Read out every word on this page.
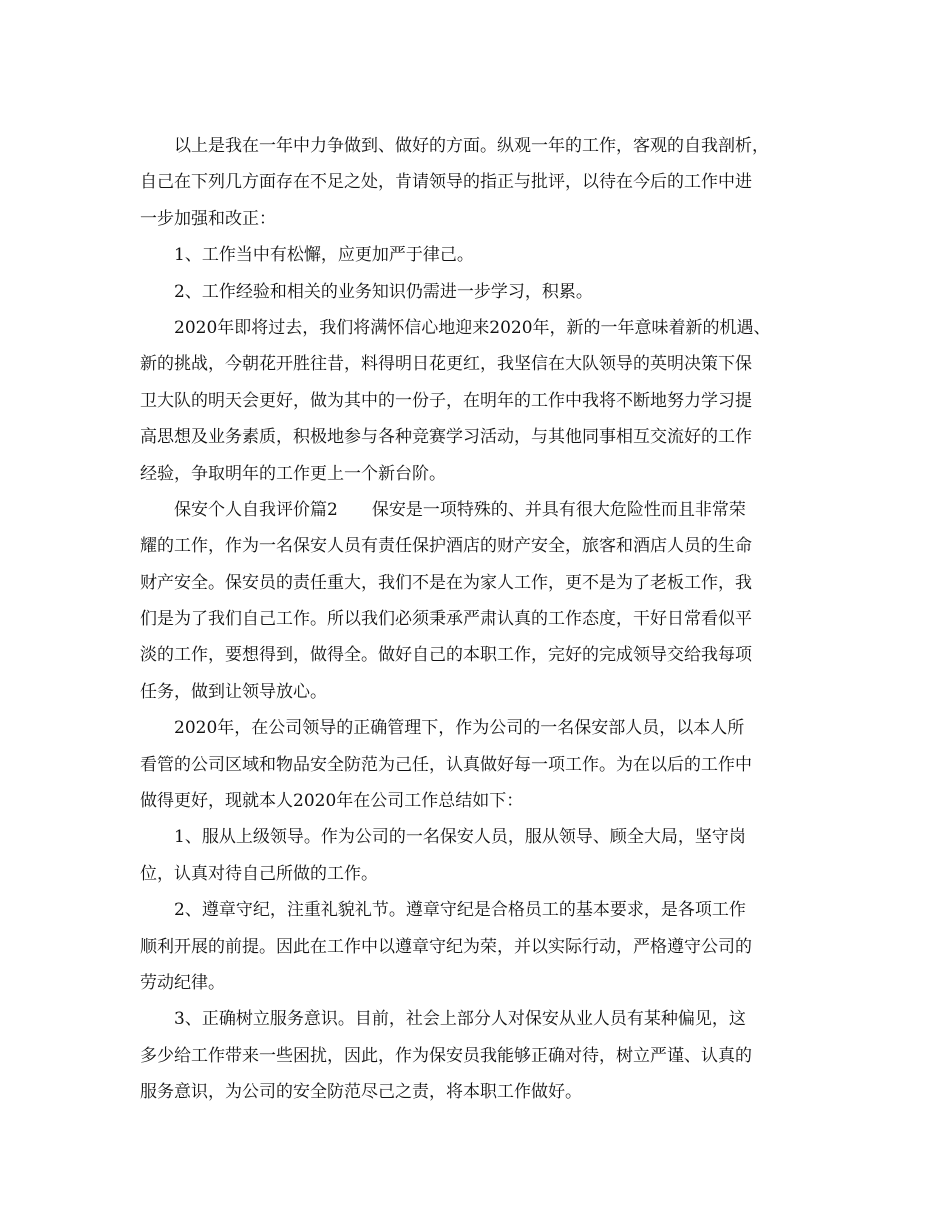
以上是我在一年中力争做到、做好的方面。纵观一年的工作，客观的自我剖析，
自己在下列几方面存在不足之处，肯请领导的指正与批评，以待在今后的工作中进
一步加强和改正：
1、工作当中有松懈，应更加严于律己。
2、工作经验和相关的业务知识仍需进一步学习，积累。
2020年即将过去，我们将满怀信心地迎来2020年，新的一年意味着新的机遇、
新的挑战，今朝花开胜往昔，料得明日花更红，我坚信在大队领导的英明决策下保
卫大队的明天会更好，做为其中的一份子，在明年的工作中我将不断地努力学习提
高思想及业务素质，积极地参与各种竞赛学习活动，与其他同事相互交流好的工作
经验，争取明年的工作更上一个新台阶。
保安个人自我评价篇2　　保安是一项特殊的、并具有很大危险性而且非常荣
耀的工作，作为一名保安人员有责任保护酒店的财产安全，旅客和酒店人员的生命
财产安全。保安员的责任重大，我们不是在为家人工作，更不是为了老板工作，我
们是为了我们自己工作。所以我们必须秉承严肃认真的工作态度，干好日常看似平
淡的工作，要想得到，做得全。做好自己的本职工作，完好的完成领导交给我每项
任务，做到让领导放心。
2020年，在公司领导的正确管理下，作为公司的一名保安部人员，以本人所
看管的公司区域和物品安全防范为己任，认真做好每一项工作。为在以后的工作中
做得更好，现就本人2020年在公司工作总结如下：
1、服从上级领导。作为公司的一名保安人员，服从领导、顾全大局，坚守岗
位，认真对待自己所做的工作。
2、遵章守纪，注重礼貌礼节。遵章守纪是合格员工的基本要求，是各项工作
顺利开展的前提。因此在工作中以遵章守纪为荣，并以实际行动，严格遵守公司的
劳动纪律。
3、正确树立服务意识。目前，社会上部分人对保安从业人员有某种偏见，这
多少给工作带来一些困扰，因此，作为保安员我能够正确对待，树立严谨、认真的
服务意识，为公司的安全防范尽己之责，将本职工作做好。
